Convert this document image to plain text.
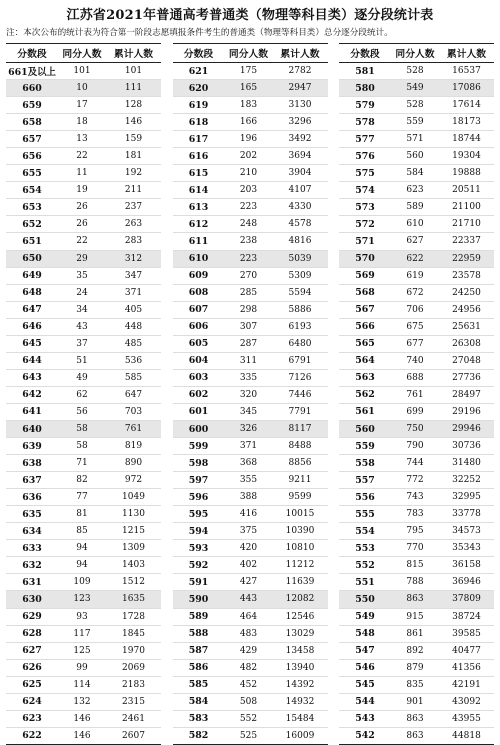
江苏省2021年普通高考普通类（物理等科目类）逐分段统计表
注：本次公布的统计表为符合第一阶段志愿填报条件考生的普通类（物理等科目类）总分逐分段统计。
分数段	同分人数	累计人数
661及以上	101	101
660	10	111
659	17	128
658	18	146
657	13	159
656	22	181
655	11	192
654	19	211
653	26	237
652	26	263
651	22	283
650	29	312
649	35	347
648	24	371
647	34	405
646	43	448
645	37	485
644	51	536
643	49	585
642	62	647
641	56	703
640	58	761
639	58	819
638	71	890
637	82	972
636	77	1049
635	81	1130
634	85	1215
633	94	1309
632	94	1403
631	109	1512
630	123	1635
629	93	1728
628	117	1845
627	125	1970
626	99	2069
625	114	2183
624	132	2315
623	146	2461
622	146	2607
分数段	同分人数	累计人数
621	175	2782
620	165	2947
619	183	3130
618	166	3296
617	196	3492
616	202	3694
615	210	3904
614	203	4107
613	223	4330
612	248	4578
611	238	4816
610	223	5039
609	270	5309
608	285	5594
607	298	5886
606	307	6193
605	287	6480
604	311	6791
603	335	7126
602	320	7446
601	345	7791
600	326	8117
599	371	8488
598	368	8856
597	355	9211
596	388	9599
595	416	10015
594	375	10390
593	420	10810
592	402	11212
591	427	11639
590	443	12082
589	464	12546
588	483	13029
587	429	13458
586	482	13940
585	452	14392
584	508	14932
583	552	15484
582	525	16009
分数段	同分人数	累计人数
581	528	16537
580	549	17086
579	528	17614
578	559	18173
577	571	18744
576	560	19304
575	584	19888
574	623	20511
573	589	21100
572	610	21710
571	627	22337
570	622	22959
569	619	23578
568	672	24250
567	706	24956
566	675	25631
565	677	26308
564	740	27048
563	688	27736
562	761	28497
561	699	29196
560	750	29946
559	790	30736
558	744	31480
557	772	32252
556	743	32995
555	783	33778
554	795	34573
553	770	35343
552	815	36158
551	788	36946
550	863	37809
549	915	38724
548	861	39585
547	892	40477
546	879	41356
545	835	42191
544	901	43092
543	863	43955
542	863	44818
